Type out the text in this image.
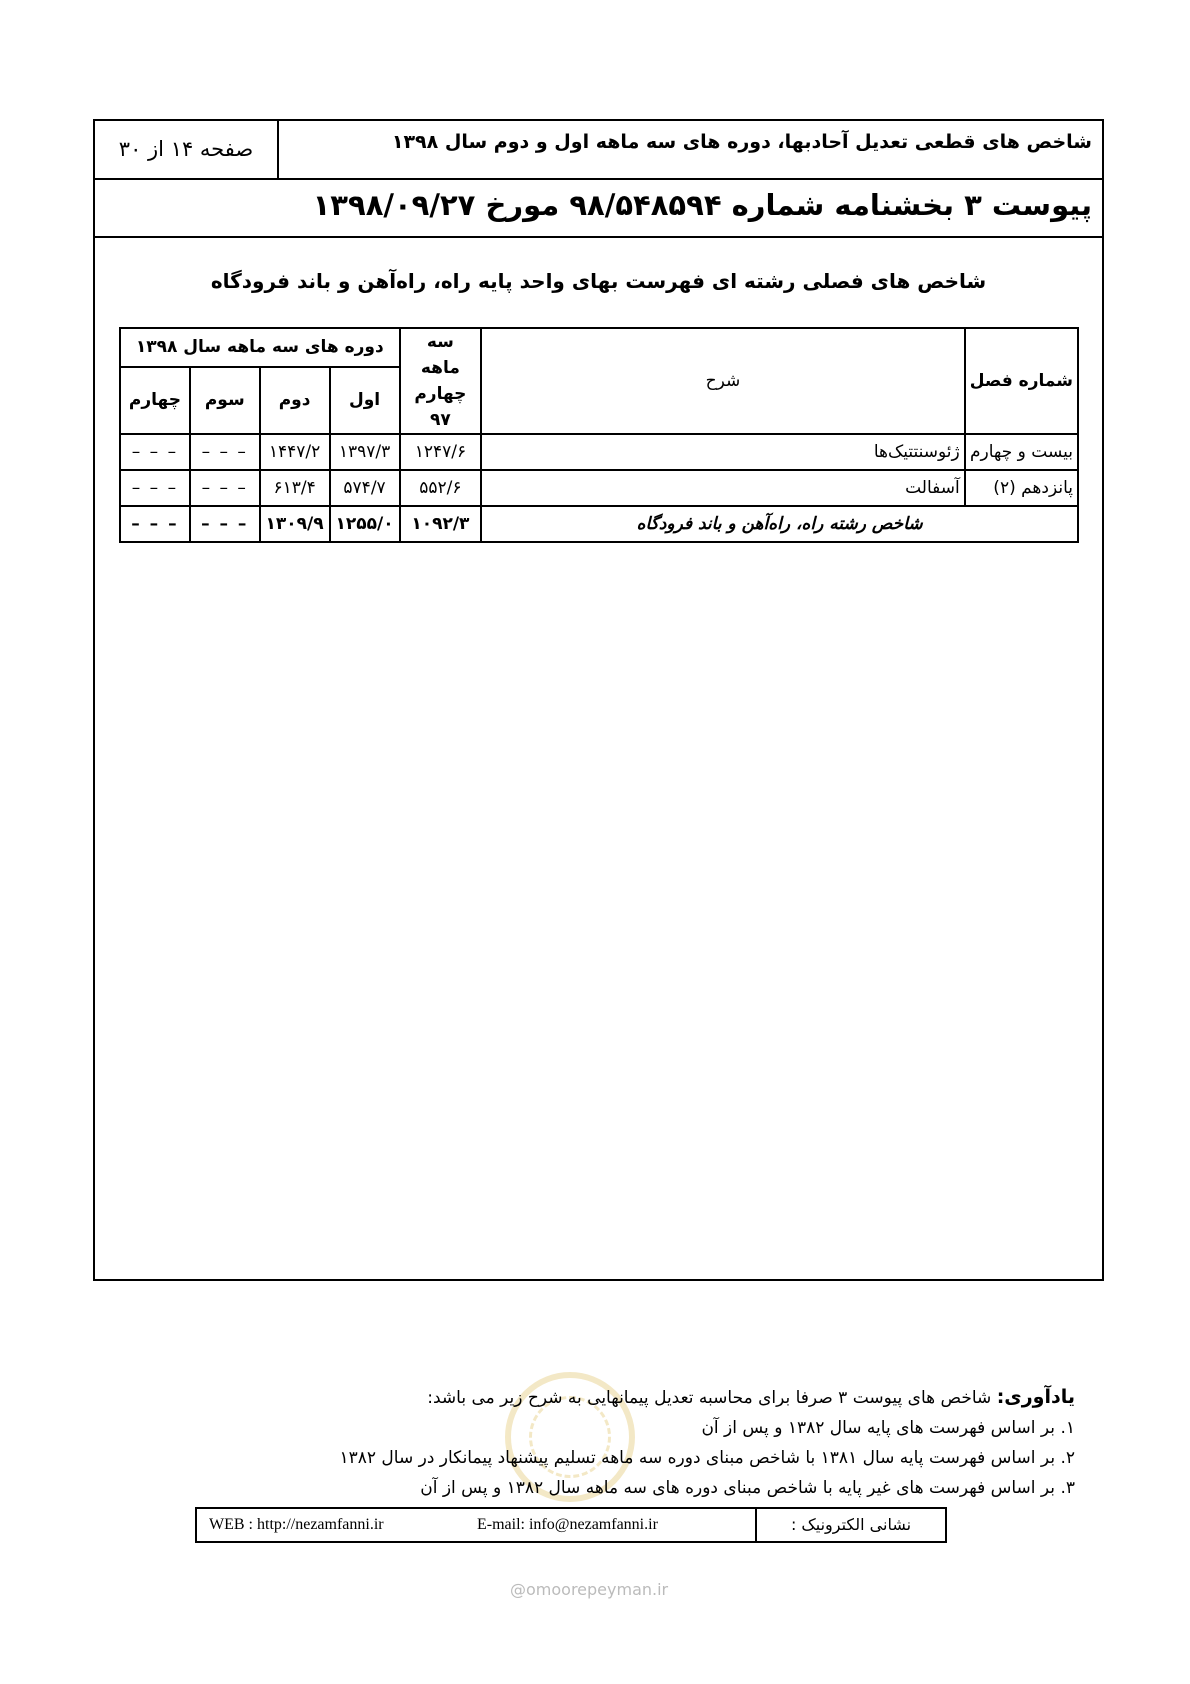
شاخص های قطعی تعدیل آحادبها، دوره های سه ماهه اول و دوم سال ۱۳۹۸
صفحه ۱۴ از ۳۰
پیوست ۳ بخشنامه شماره ۹۸/۵۴۸۵۹۴ مورخ ۱۳۹۸/۰۹/۲۷
شاخص های فصلی رشته ای فهرست بهای واحد پایه راه، راه‌آهن و باند فرودگاه
شماره فصل	شرح	سه ماهه چهارم ۹۷	دوره های سه ماهه سال ۱۳۹۸			
			اول	دوم	سوم	چهارم
بیست و چهارم	ژئوسنتتیک‌ها	۱۲۴۷/۶	۱۳۹۷/۳	۱۴۴۷/۲	– – –	– – –
پانزدهم (۲)	آسفالت	۵۵۲/۶	۵۷۴/۷	۶۱۳/۴	– – –	– – –
شاخص رشته راه، راه‌آهن و باند فرودگاه		۱۰۹۲/۳	۱۲۵۵/۰	۱۳۰۹/۹	– – –	– – –
یادآوری: شاخص های پیوست ۳ صرفا برای محاسبه تعدیل پیمانهایی به شرح زیر می باشد:
۱. بر اساس فهرست های پایه سال ۱۳۸۲ و پس از آن
۲. بر اساس فهرست پایه سال ۱۳۸۱ با شاخص مبنای دوره سه ماهه تسلیم پیشنهاد پیمانکار در سال ۱۳۸۲
۳. بر اساس فهرست های غیر پایه با شاخص مبنای دوره های سه ماهه سال ۱۳۸۲ و پس از آن
نشانی الکترونیک :
E-mail: info@nezamfanni.ir
WEB : http://nezamfanni.ir
@omoorepeyman.ir
